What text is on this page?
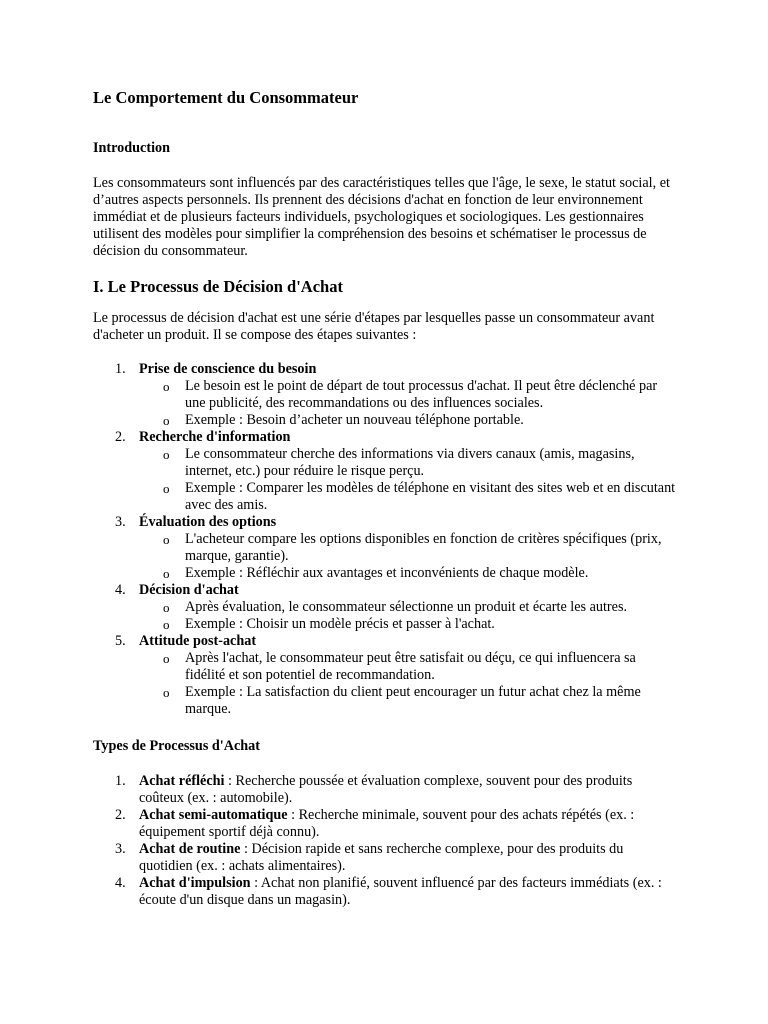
Le Comportement du Consommateur
Introduction

Les consommateurs sont influencés par des caractéristiques telles que l'âge, le sexe, le statut social, et d’autres aspects personnels. Ils prennent des décisions d'achat en fonction de leur environnement immédiat et de plusieurs facteurs individuels, psychologiques et sociologiques. Les gestionnaires utilisent des modèles pour simplifier la compréhension des besoins et schématiser le processus de décision du consommateur.

I. Le Processus de Décision d'Achat

Le processus de décision d'achat est une série d'étapes par lesquelles passe un consommateur avant d'acheter un produit. Il se compose des étapes suivantes :

1. Prise de conscience du besoin
o Le besoin est le point de départ de tout processus d'achat. Il peut être déclenché par une publicité, des recommandations ou des influences sociales.
o Exemple : Besoin d’acheter un nouveau téléphone portable.
2. Recherche d'information
o Le consommateur cherche des informations via divers canaux (amis, magasins, internet, etc.) pour réduire le risque perçu.
o Exemple : Comparer les modèles de téléphone en visitant des sites web et en discutant avec des amis.
3. Évaluation des options
o L'acheteur compare les options disponibles en fonction de critères spécifiques (prix, marque, garantie).
o Exemple : Réfléchir aux avantages et inconvénients de chaque modèle.
4. Décision d'achat
o Après évaluation, le consommateur sélectionne un produit et écarte les autres.
o Exemple : Choisir un modèle précis et passer à l'achat.
5. Attitude post-achat
o Après l'achat, le consommateur peut être satisfait ou déçu, ce qui influencera sa fidélité et son potentiel de recommandation.
o Exemple : La satisfaction du client peut encourager un futur achat chez la même marque.
Types de Processus d'Achat
1. Achat réfléchi : Recherche poussée et évaluation complexe, souvent pour des produits coûteux (ex. : automobile).
2. Achat semi-automatique : Recherche minimale, souvent pour des achats répétés (ex. : équipement sportif déjà connu).
3. Achat de routine : Décision rapide et sans recherche complexe, pour des produits du quotidien (ex. : achats alimentaires).
4. Achat d'impulsion : Achat non planifié, souvent influencé par des facteurs immédiats (ex. : écoute d'un disque dans un magasin).
